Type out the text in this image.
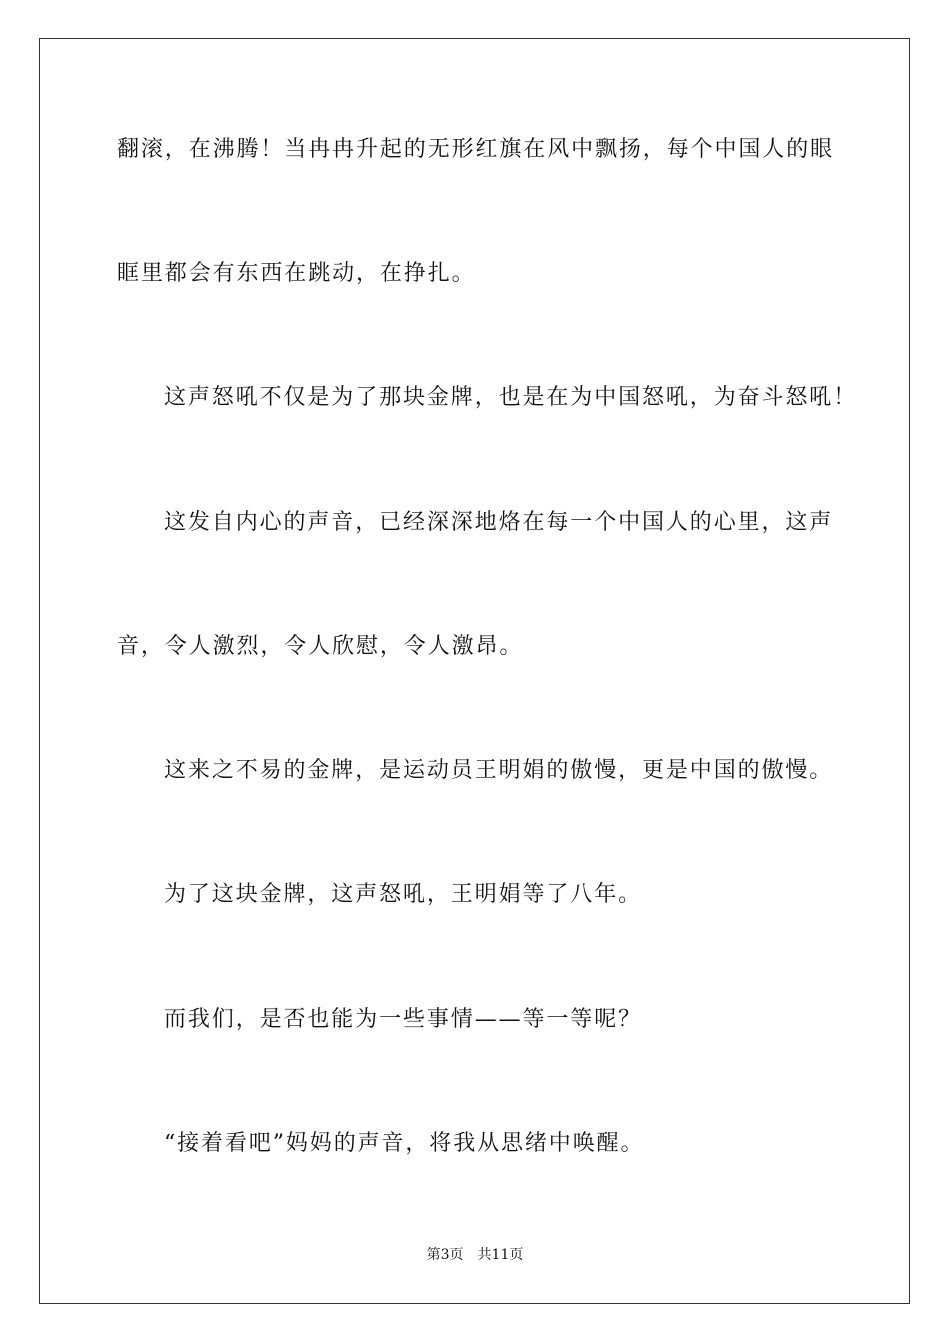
翻滚，在沸腾！当冉冉升起的无形红旗在风中飘扬，每个中国人的眼
眶里都会有东西在跳动，在挣扎。
这声怒吼不仅是为了那块金牌，也是在为中国怒吼，为奋斗怒吼！
这发自内心的声音，已经深深地烙在每一个中国人的心里，这声
音，令人激烈，令人欣慰，令人激昂。
这来之不易的金牌，是运动员王明娟的傲慢，更是中国的傲慢。
为了这块金牌，这声怒吼，王明娟等了八年。
而我们，是否也能为一些事情——等一等呢？
“接着看吧”妈妈的声音，将我从思绪中唤醒。
第3页 共11页
